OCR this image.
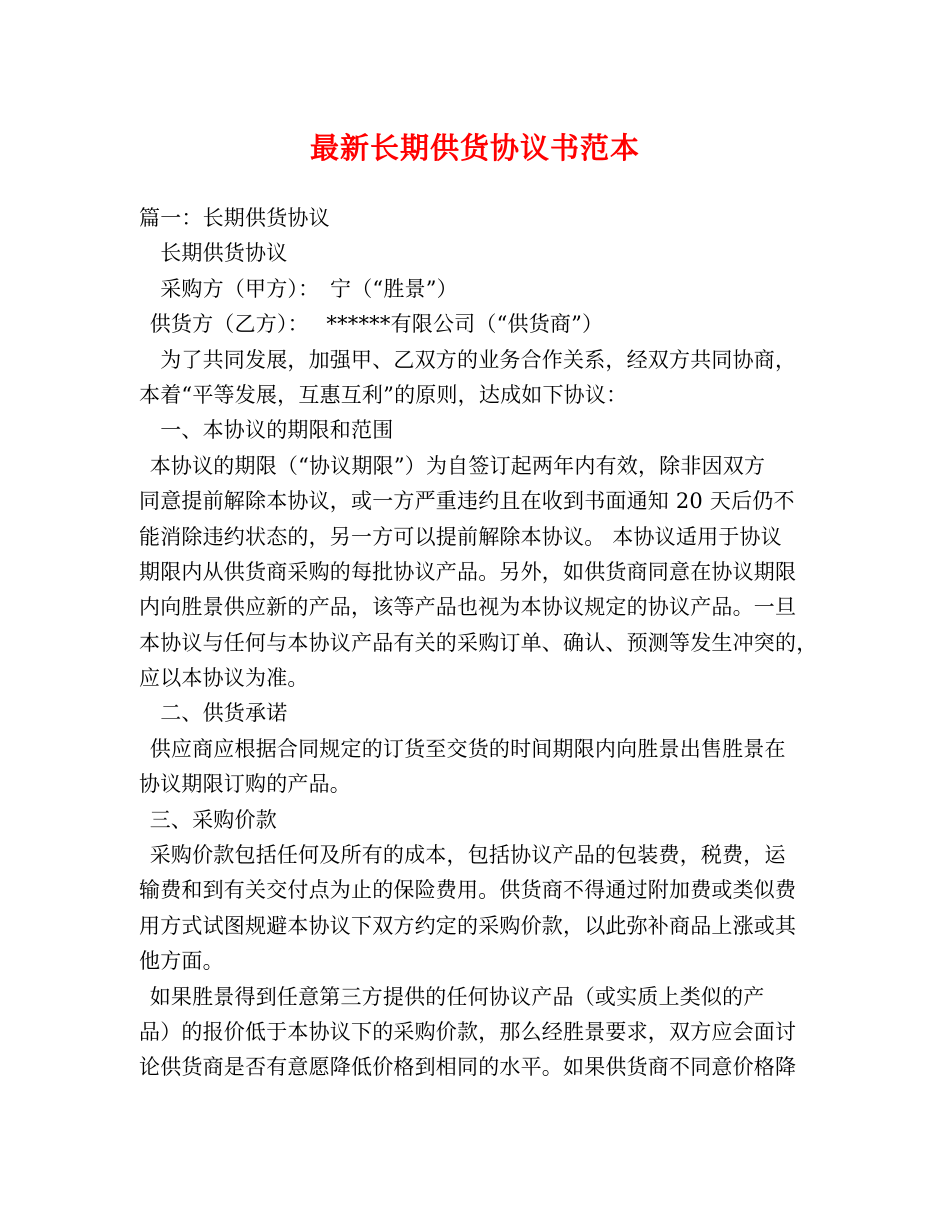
最新长期供货协议书范本
篇一：长期供货协议
　长期供货协议
　采购方（甲方）：　宁（“胜景”）
 供货方（乙方）：　 ******有限公司（“供货商”）
　为了共同发展，加强甲、乙双方的业务合作关系，经双方共同协商，
本着“平等发展，互惠互利”的原则，达成如下协议：
　一、本协议的期限和范围
 本协议的期限（“协议期限”）为自签订起两年内有效，除非因双方
同意提前解除本协议，或一方严重违约且在收到书面通知 20 天后仍不
能消除违约状态的，另一方可以提前解除本协议。 本协议适用于协议
期限内从供货商采购的每批协议产品。另外，如供货商同意在协议期限
内向胜景供应新的产品，该等产品也视为本协议规定的协议产品。一旦
本协议与任何与本协议产品有关的采购订单、确认、预测等发生冲突的，
应以本协议为准。
　二、供货承诺
 供应商应根据合同规定的订货至交货的时间期限内向胜景出售胜景在
协议期限订购的产品。
 三、采购价款
 采购价款包括任何及所有的成本，包括协议产品的包装费，税费，运
输费和到有关交付点为止的保险费用。供货商不得通过附加费或类似费
用方式试图规避本协议下双方约定的采购价款，以此弥补商品上涨或其
他方面。
 如果胜景得到任意第三方提供的任何协议产品（或实质上类似的产
品）的报价低于本协议下的采购价款，那么经胜景要求，双方应会面讨
论供货商是否有意愿降低价格到相同的水平。如果供货商不同意价格降
